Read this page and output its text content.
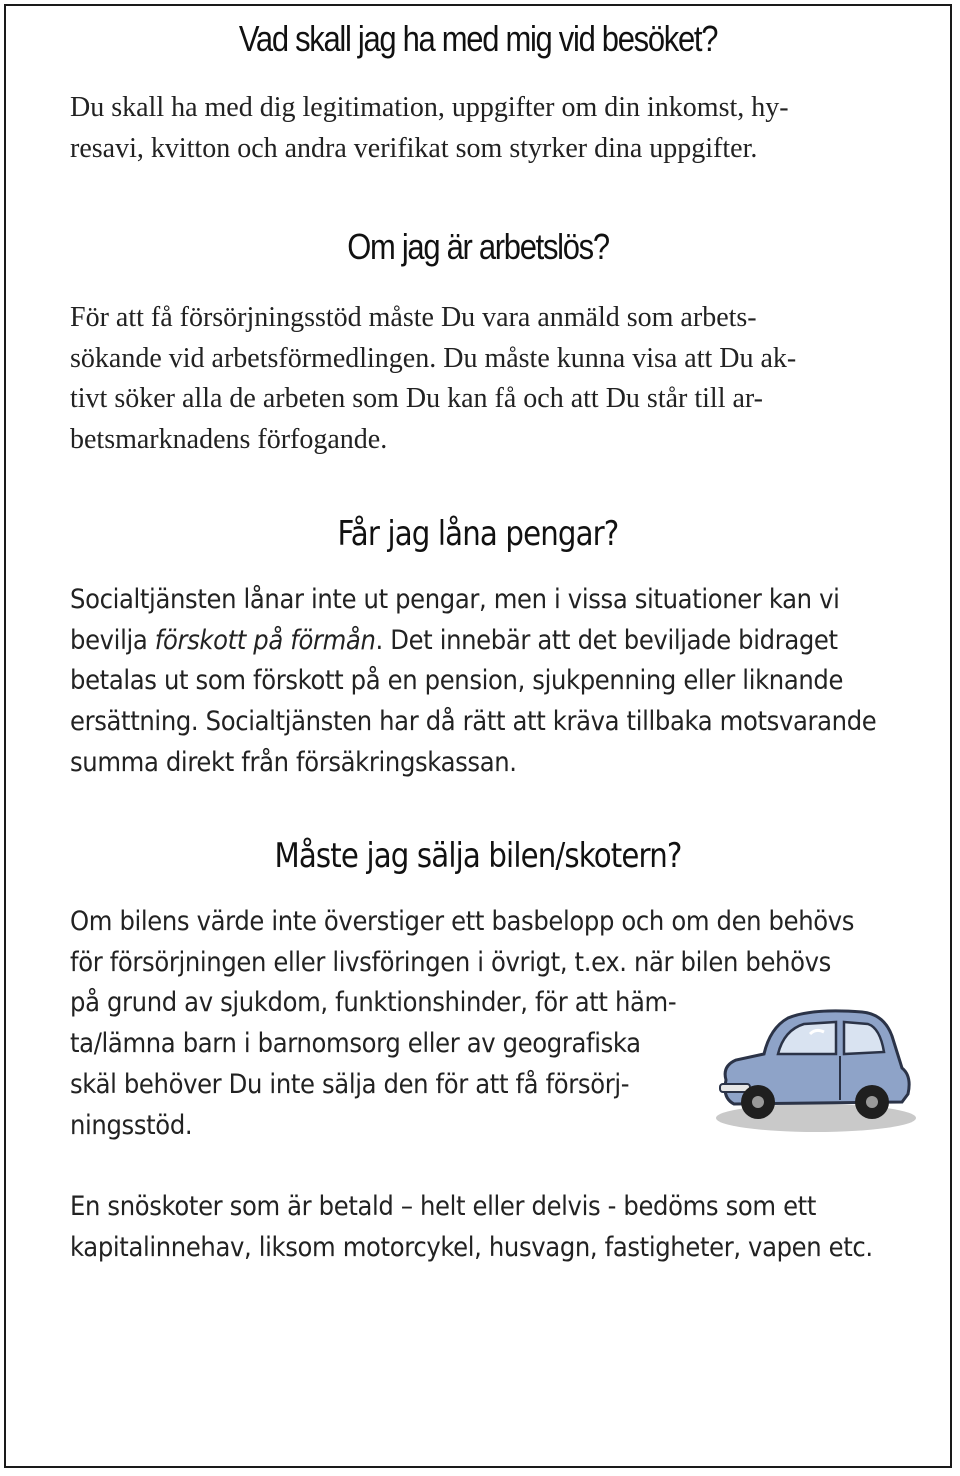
Vad skall jag ha med mig vid besöket?

Du skall ha med dig legitimation, uppgifter om din inkomst, hy-
resavi, kvitton och andra verifikat som styrker dina uppgifter.

Om jag är arbetslös?

För att få försörjningsstöd måste Du vara anmäld som arbets-
sökande vid arbetsförmedlingen. Du måste kunna visa att Du ak-
tivt söker alla de arbeten som Du kan få och att Du står till ar-
betsmarknadens förfogande.

Får jag låna pengar?

Socialtjänsten lånar inte ut pengar, men i vissa situationer kan vi
bevilja förskott på förmån. Det innebär att det beviljade bidraget
betalas ut som förskott på en pension, sjukpenning eller liknande
ersättning. Socialtjänsten har då rätt att kräva tillbaka motsvarande
summa direkt från försäkringskassan.

Måste jag sälja bilen/skotern?

Om bilens värde inte överstiger ett basbelopp och om den behövs
för försörjningen eller livsföringen i övrigt, t.ex. när bilen behövs
på grund av sjukdom, funktionshinder, för att häm-
ta/lämna barn i barnomsorg eller av geografiska
skäl behöver Du inte sälja den för att få försörj-
ningsstöd.

En snöskoter som är betald – helt eller delvis - bedöms som ett
kapitalinnehav, liksom motorcykel, husvagn, fastigheter, vapen etc.
